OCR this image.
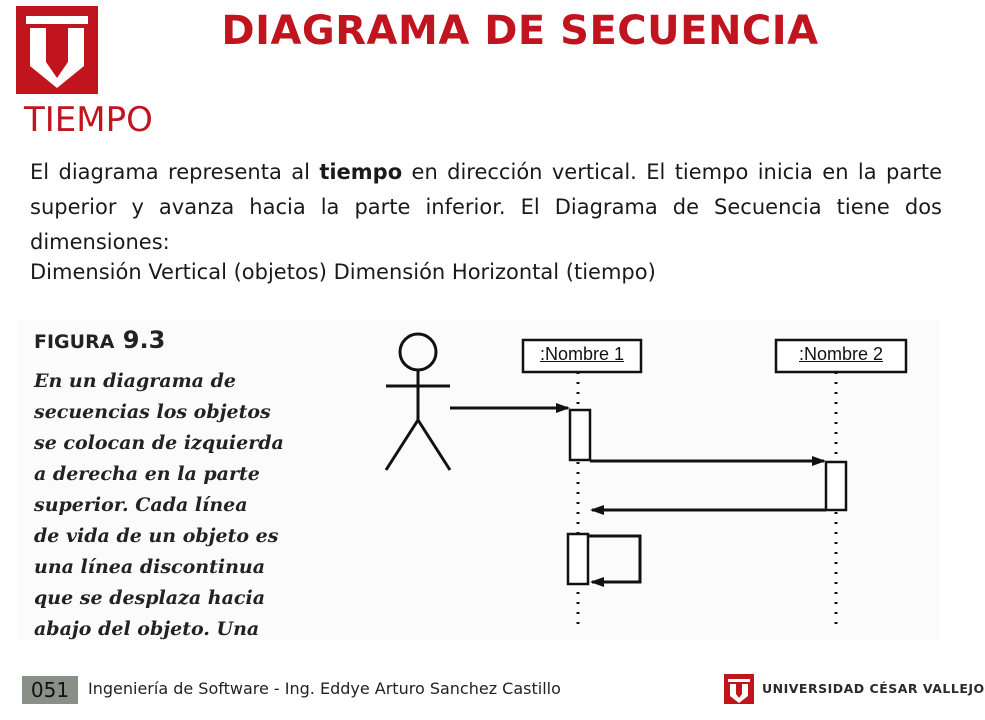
DIAGRAMA DE SECUENCIA
TIEMPO
El diagrama representa al tiempo en dirección vertical. El tiempo inicia en la parte superior y avanza hacia la parte inferior. El Diagrama de Secuencia tiene dos dimensiones:
Dimensión Vertical (objetos) Dimensión Horizontal (tiempo)
FIGURA 9.3
En un diagrama de
secuencias los objetos
se colocan de izquierda
a derecha en la parte
superior. Cada línea
de vida de un objeto es
una línea discontinua
que se desplaza hacia
abajo del objeto. Una
:Nombre 1	:Nombre 2
051	Ingeniería de Software - Ing. Eddye Arturo Sanchez Castillo	UNIVERSIDAD CÉSAR VALLEJO
